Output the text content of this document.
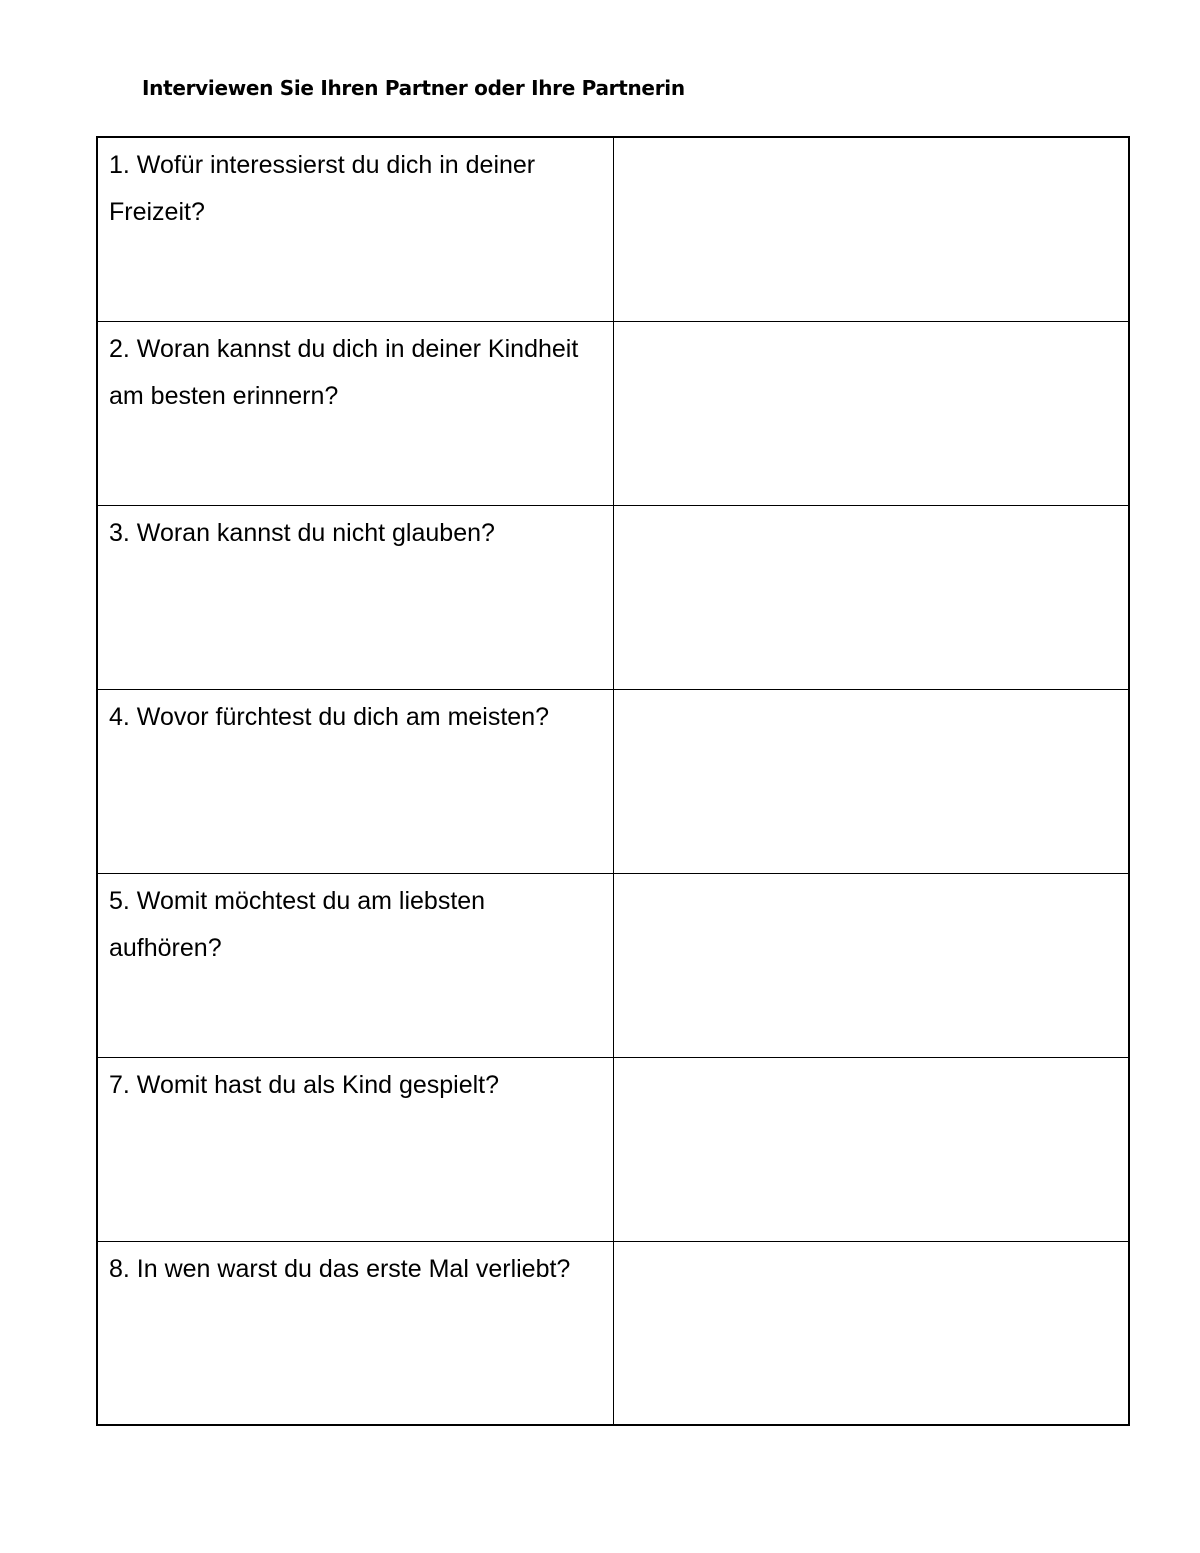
Interviewen Sie Ihren Partner oder Ihre Partnerin
1. Wofür interessierst du dich in deiner Freizeit?	

2. Woran kannst du dich in deiner Kindheit am besten erinnern?	

3. Woran kannst du nicht glauben?	

4. Wovor fürchtest du dich am meisten?	

5. Womit möchtest du am liebsten aufhören?	

7. Womit hast du als Kind gespielt?	

8. In wen warst du das erste Mal verliebt?	
